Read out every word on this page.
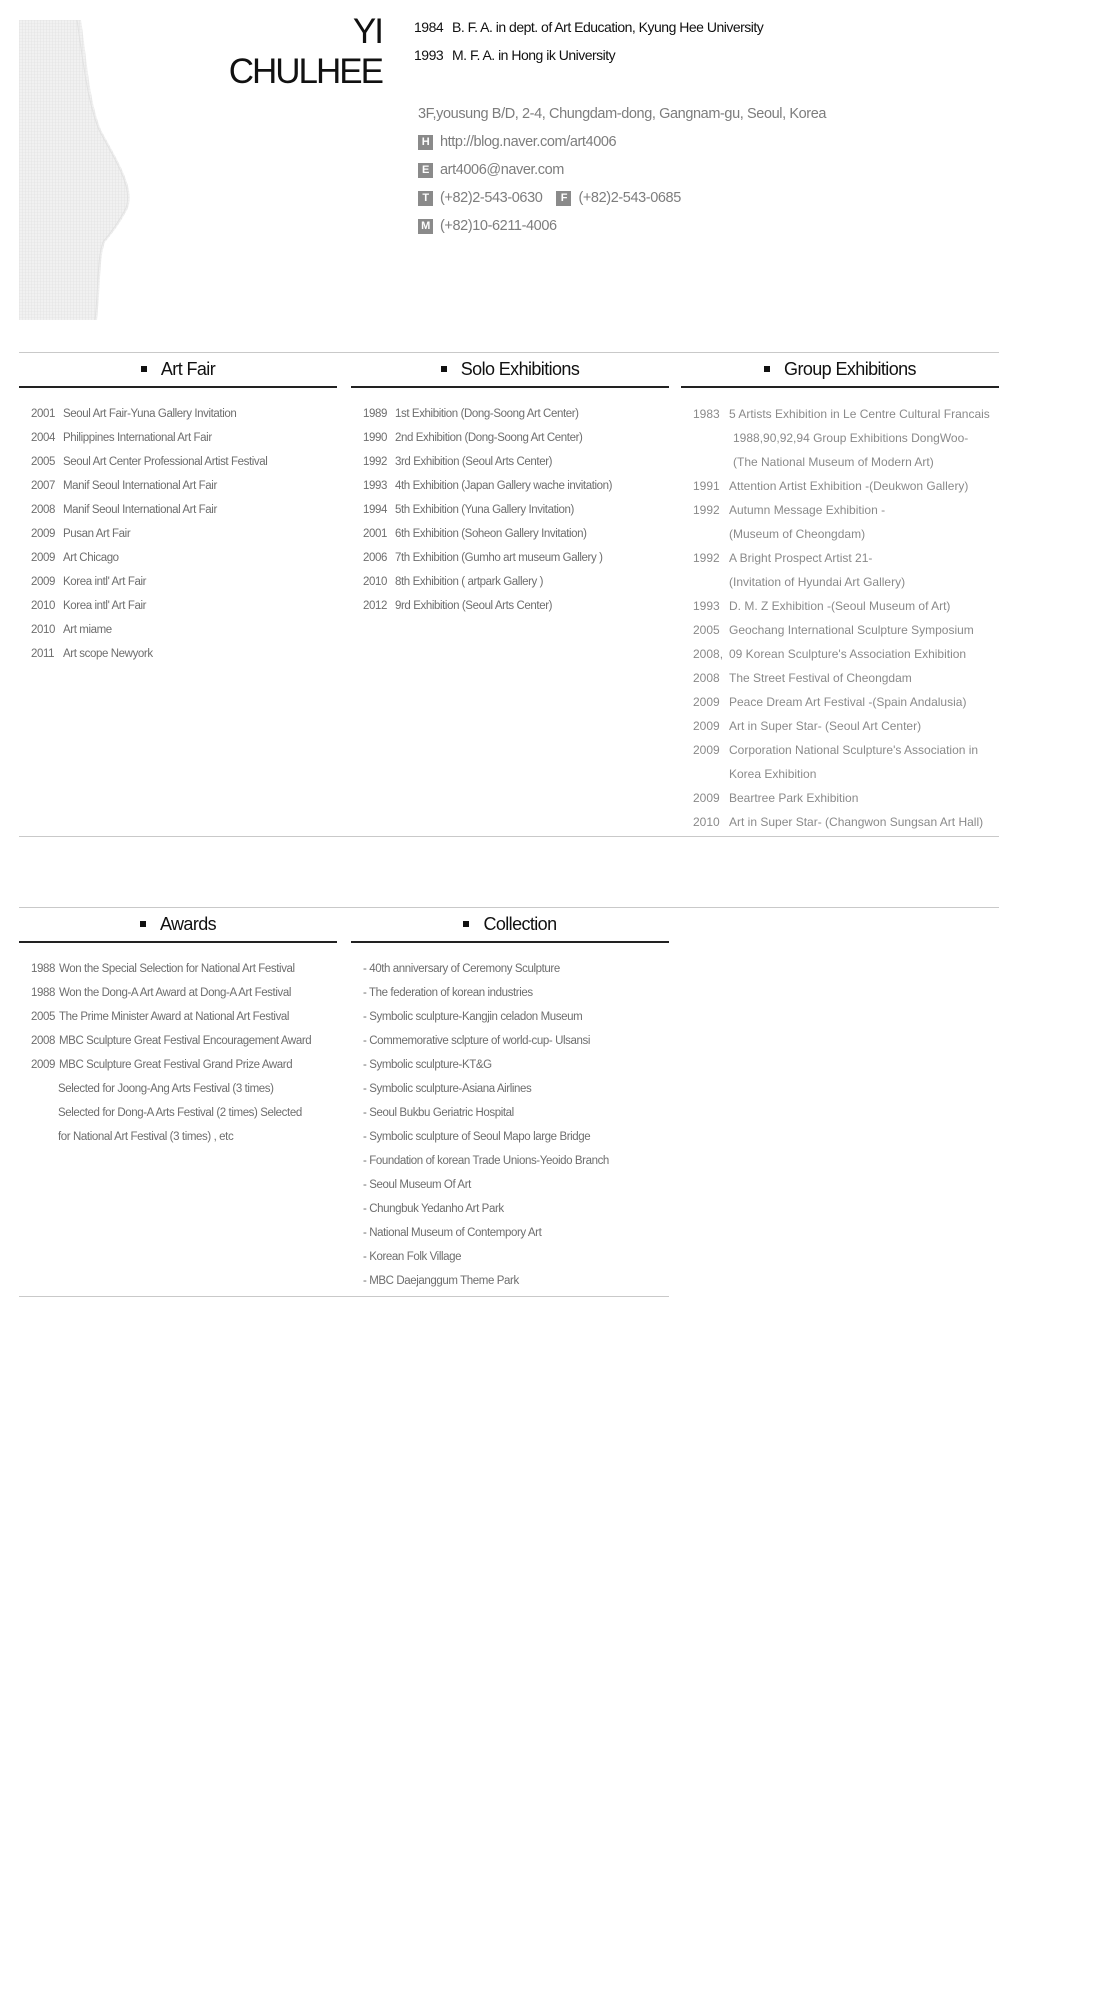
YI CHULHEE
1984 B. F. A. in dept. of Art Education, Kyung Hee University
1993 M. F. A. in Hong ik University
3F,yousung B/D, 2-4, Chungdam-dong, Gangnam-gu, Seoul, Korea
H http://blog.naver.com/art4006
E art4006@naver.com
T (+82)2-543-0630	F (+82)2-543-0685
M (+82)10-6211-4006
Art Fair
2001 Seoul Art Fair-Yuna Gallery Invitation
2004 Philippines International Art Fair
2005 Seoul Art Center Professional Artist Festival
2007 Manif Seoul International Art Fair
2008 Manif Seoul International Art Fair
2009 Pusan Art Fair
2009 Art Chicago
2009 Korea intl' Art Fair
2010 Korea intl' Art Fair
2010 Art miame
2011 Art scope Newyork
Solo Exhibitions
1989 1st Exhibition (Dong-Soong Art Center)
1990 2nd Exhibition (Dong-Soong Art Center)
1992 3rd Exhibition (Seoul Arts Center)
1993 4th Exhibition (Japan Gallery wache invitation)
1994 5th Exhibition (Yuna Gallery Invitation)
2001 6th Exhibition (Soheon Gallery Invitation)
2006 7th Exhibition (Gumho art museum Gallery )
2010 8th Exhibition ( artpark Gallery )
2012 9rd Exhibition (Seoul Arts Center)
Group Exhibitions
1983 5 Artists Exhibition in Le Centre Cultural Francais
1988,90,92,94 Group Exhibitions DongWoo-
(The National Museum of Modern Art)
1991 Attention Artist Exhibition -(Deukwon Gallery)
1992 Autumn Message Exhibition -
(Museum of Cheongdam)
1992 A Bright Prospect Artist 21-
(Invitation of Hyundai Art Gallery)
1993 D. M. Z Exhibition -(Seoul Museum of Art)
2005 Geochang International Sculpture Symposium
2008, 09 Korean Sculpture's Association Exhibition
2008 The Street Festival of Cheongdam
2009 Peace Dream Art Festival -(Spain Andalusia)
2009 Art in Super Star- (Seoul Art Center)
2009 Corporation National Sculpture's Association in
Korea Exhibition
2009 Beartree Park Exhibition
2010 Art in Super Star- (Changwon Sungsan Art Hall)
Awards
1988 Won the Special Selection for National Art Festival
1988 Won the Dong-A Art Award at Dong-A Art Festival
2005 The Prime Minister Award at National Art Festival
2008 MBC Sculpture Great Festival Encouragement Award
2009 MBC Sculpture Great Festival Grand Prize Award
Selected for Joong-Ang Arts Festival (3 times)
Selected for Dong-A Arts Festival (2 times) Selected
for National Art Festival (3 times) , etc
Collection
- 40th anniversary of Ceremony Sculpture
- The federation of korean industries
- Symbolic sculpture-Kangjin celadon Museum
- Commemorative sclpture of world-cup- Ulsansi
- Symbolic sculpture-KT&G
- Symbolic sculpture-Asiana Airlines
- Seoul Bukbu Geriatric Hospital
- Symbolic sculpture of Seoul Mapo large Bridge
- Foundation of korean Trade Unions-Yeoido Branch
- Seoul Museum Of Art
- Chungbuk Yedanho Art Park
- National Museum of Contempory Art
- Korean Folk Village
- MBC Daejanggum Theme Park
